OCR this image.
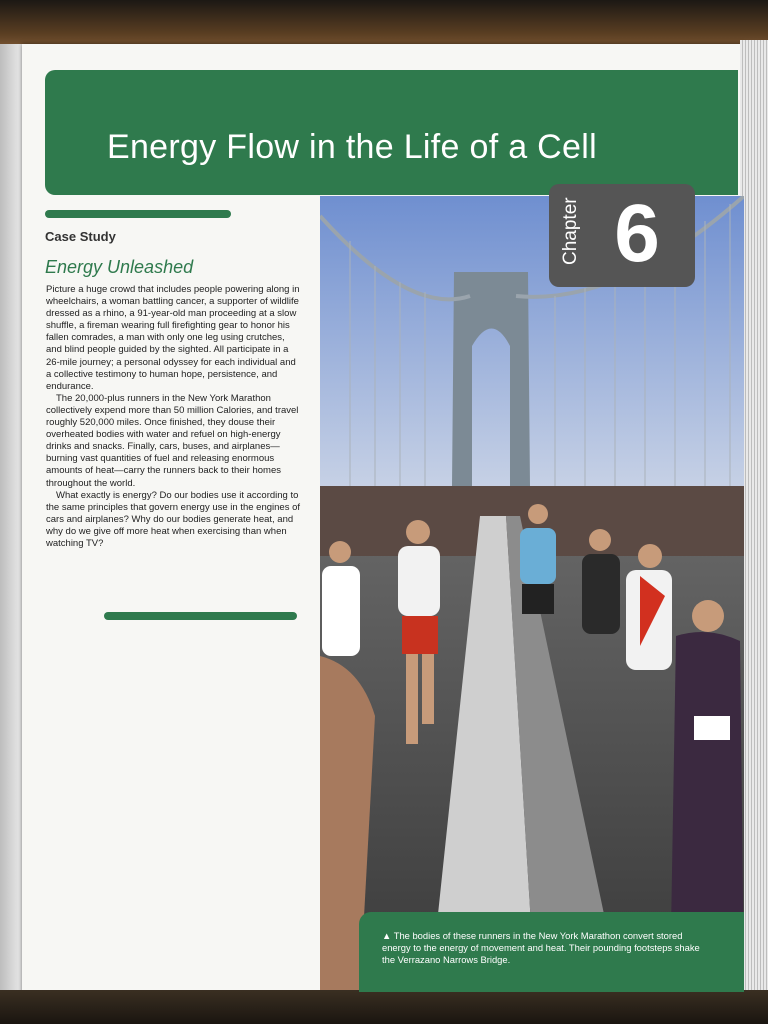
Energy Flow in the Life of a Cell
Chapter 6
Case Study
Energy Unleashed

Picture a huge crowd that includes people powering along in wheelchairs, a woman battling cancer, a supporter of wildlife dressed as a rhino, a 91-year-old man proceeding at a slow shuffle, a fireman wearing full firefighting gear to honor his fallen comrades, a man with only one leg using crutches, and blind people guided by the sighted. All participate in a 26-mile journey; a personal odyssey for each individual and a collective testimony to human hope, persistence, and endurance.

The 20,000-plus runners in the New York Marathon collectively expend more than 50 million Calories, and travel roughly 520,000 miles. Once finished, they douse their overheated bodies with water and refuel on high-energy drinks and snacks. Finally, cars, buses, and airplanes—burning vast quantities of fuel and releasing enormous amounts of heat—carry the runners back to their homes throughout the world.

What exactly is energy? Do our bodies use it according to the same principles that govern energy use in the engines of cars and airplanes? Why do our bodies generate heat, and why do we give off more heat when exercising than when watching TV?

▲ The bodies of these runners in the New York Marathon convert stored energy to the energy of movement and heat. Their pounding footsteps shake the Verrazano Narrows Bridge.
